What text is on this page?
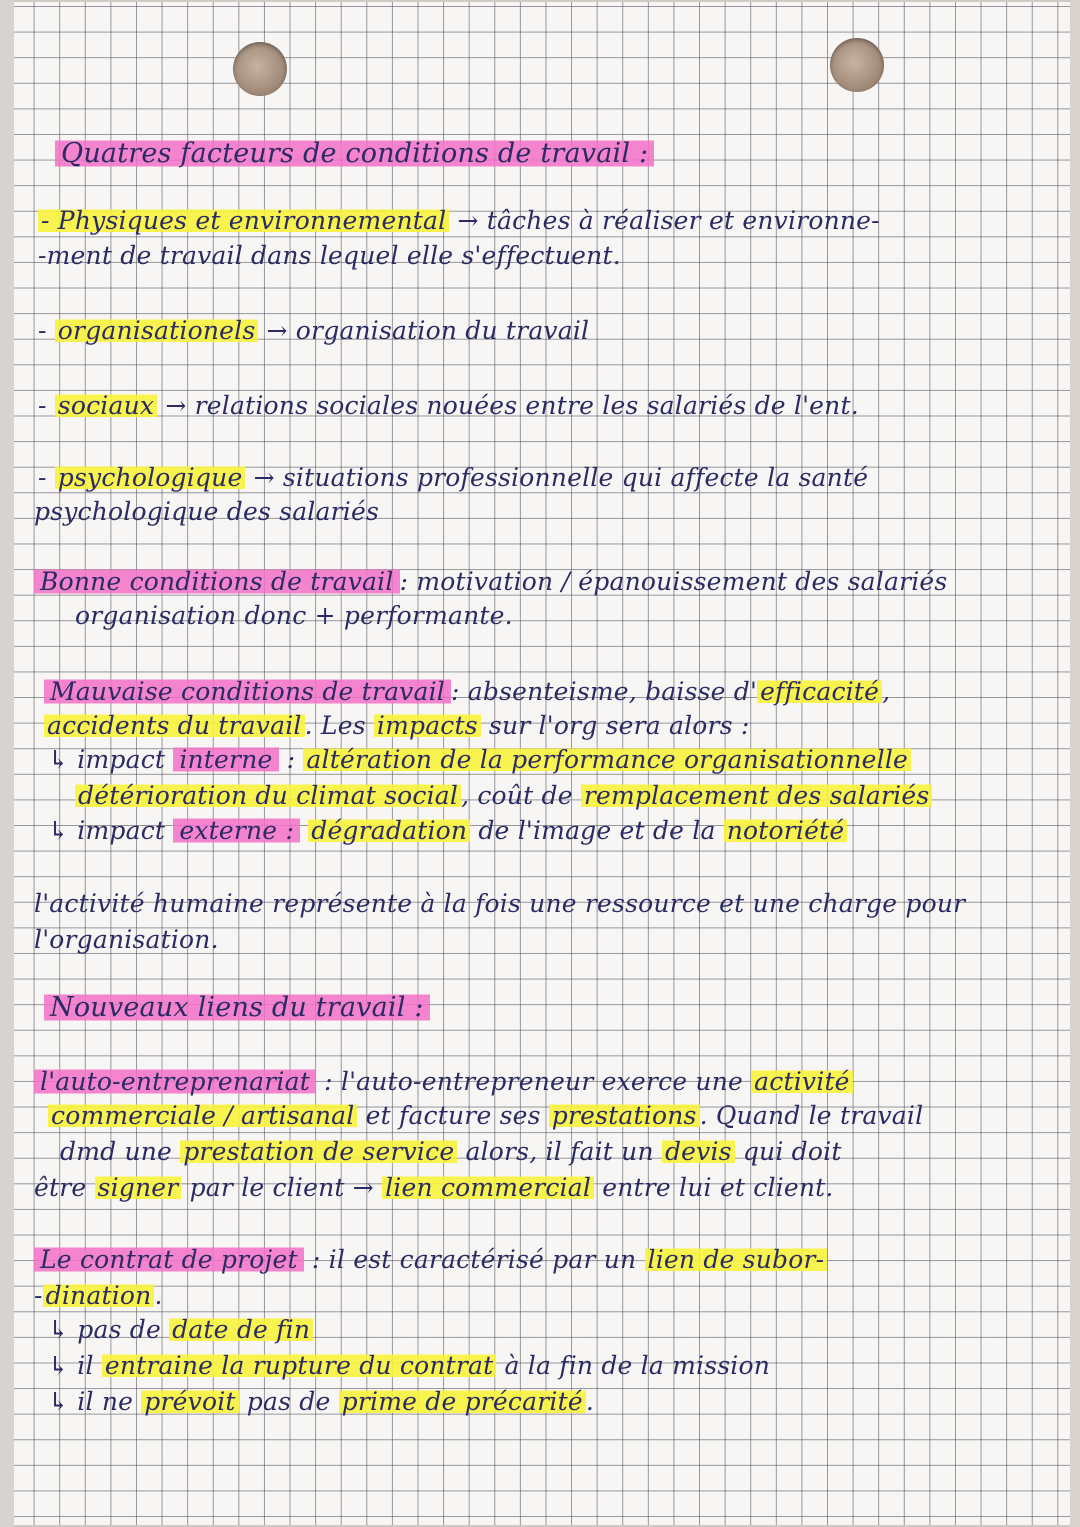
Quatres facteurs de conditions de travail :
- Physiques et environnemental → tâches à réaliser et environne-
-ment de travail dans lequel elle s'effectuent.
- organisationels → organisation du travail
- sociaux → relations sociales nouées entre les salariés de l'ent.
- psychologique → situations professionnelle qui affecte la santé
psychologique des salariés
Bonne conditions de travail : motivation / épanouissement des salariés
organisation donc + performante.
Mauvaise conditions de travail : absenteisme, baisse d' efficacité ,
accidents du travail . Les impacts sur l'org sera alors :
↳ impact interne : altération de la performance organisationnelle
détérioration du climat social , coût de remplacement des salariés
↳ impact externe : dégradation de l'image et de la notoriété
l'activité humaine représente à la fois une ressource et une charge pour
l'organisation.
Nouveaux liens du travail :
l'auto-entreprenariat : l'auto-entrepreneur exerce une activité
commerciale / artisanal et facture ses prestations . Quand le travail
dmd une prestation de service alors, il fait un devis qui doit
être signer par le client → lien commercial entre lui et client.
Le contrat de projet : il est caractérisé par un lien de subor-
- dination .
↳ pas de date de fin
↳ il entraine la rupture du contrat à la fin de la mission
↳ il ne prévoit pas de prime de précarité .
